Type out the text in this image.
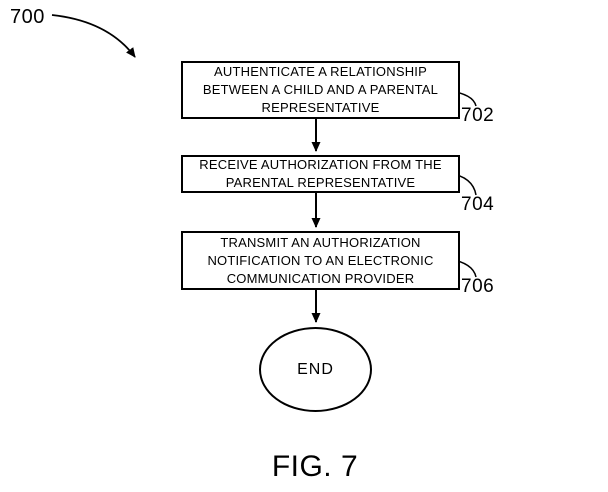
700
AUTHENTICATE A RELATIONSHIP BETWEEN A CHILD AND A PARENTAL REPRESENTATIVE	702
RECEIVE AUTHORIZATION FROM THE PARENTAL REPRESENTATIVE
704
TRANSMIT AN AUTHORIZATION NOTIFICATION TO AN ELECTRONIC COMMUNICATION PROVIDER	706
END
FIG. 7
